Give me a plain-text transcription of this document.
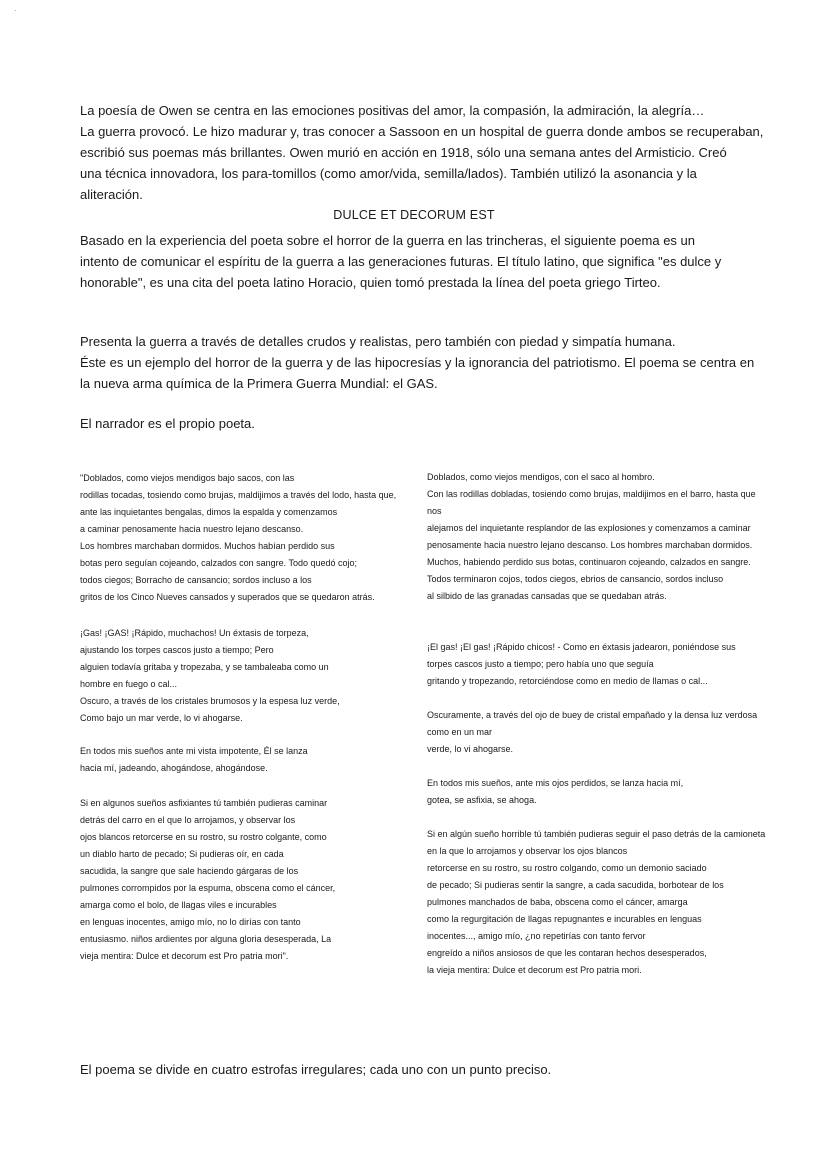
·
La poesía de Owen se centra en las emociones positivas del amor, la compasión, la admiración, la alegría…
La guerra provocó. Le hizo madurar y, tras conocer a Sassoon en un hospital de guerra donde ambos se recuperaban,
escribió sus poemas más brillantes. Owen murió en acción en 1918, sólo una semana antes del Armisticio. Creó
una técnica innovadora, los para-tomillos (como amor/vida, semilla/lados). También utilizó la asonancia y la
aliteración.
DULCE ET DECORUM EST
Basado en la experiencia del poeta sobre el horror de la guerra en las trincheras, el siguiente poema es un
intento de comunicar el espíritu de la guerra a las generaciones futuras. El título latino, que significa "es dulce y
honorable", es una cita del poeta latino Horacio, quien tomó prestada la línea del poeta griego Tirteo.
Presenta la guerra a través de detalles crudos y realistas, pero también con piedad y simpatía humana.
Éste es un ejemplo del horror de la guerra y de las hipocresías y la ignorancia del patriotismo. El poema se centra en
la nueva arma química de la Primera Guerra Mundial: el GAS.
El narrador es el propio poeta.
"Doblados, como viejos mendigos bajo sacos, con las
rodillas tocadas, tosiendo como brujas, maldijimos a través del lodo, hasta que,
ante las inquietantes bengalas, dimos la espalda y comenzamos
a caminar penosamente hacia nuestro lejano descanso.
Los hombres marchaban dormidos. Muchos habían perdido sus
botas pero seguían cojeando, calzados con sangre. Todo quedó cojo;
todos ciegos; Borracho de cansancio; sordos incluso a los
gritos de los Cinco Nueves cansados y superados que se quedaron atrás.
¡Gas! ¡GAS! ¡Rápido, muchachos! Un éxtasis de torpeza,
ajustando los torpes cascos justo a tiempo; Pero
alguien todavía gritaba y tropezaba, y se tambaleaba como un
hombre en fuego o cal...
Oscuro, a través de los cristales brumosos y la espesa luz verde,
Como bajo un mar verde, lo vi ahogarse.
En todos mis sueños ante mi vista impotente, Él se lanza
hacia mí, jadeando, ahogándose, ahogándose.
Si en algunos sueños asfixiantes tú también pudieras caminar
detrás del carro en el que lo arrojamos, y observar los
ojos blancos retorcerse en su rostro, su rostro colgante, como
un diablo harto de pecado; Si pudieras oír, en cada
sacudida, la sangre que sale haciendo gárgaras de los
pulmones corrompidos por la espuma, obscena como el cáncer,
amarga como el bolo, de llagas viles e incurables
en lenguas inocentes, amigo mío, no lo dirías con tanto
entusiasmo. niños ardientes por alguna gloria desesperada, La
vieja mentira: Dulce et decorum est Pro patria mori".
Doblados, como viejos mendigos, con el saco al hombro.
Con las rodillas dobladas, tosiendo como brujas, maldijimos en el barro, hasta que
nos
alejamos del inquietante resplandor de las explosiones y comenzamos a caminar
penosamente hacia nuestro lejano descanso. Los hombres marchaban dormidos.
Muchos, habiendo perdido sus botas, continuaron cojeando, calzados en sangre.
Todos terminaron cojos, todos ciegos, ebrios de cansancio, sordos incluso
al silbido de las granadas cansadas que se quedaban atrás.
¡El gas! ¡El gas! ¡Rápido chicos! - Como en éxtasis jadearon, poniéndose sus
torpes cascos justo a tiempo; pero había uno que seguía
gritando y tropezando, retorciéndose como en medio de llamas o cal...
Oscuramente, a través del ojo de buey de cristal empañado y la densa luz verdosa
como en un mar
verde, lo vi ahogarse.
En todos mis sueños, ante mis ojos perdidos, se lanza hacia mí,
gotea, se asfixia, se ahoga.
Si en algún sueño horrible tú también pudieras seguir el paso detrás de la camioneta
en la que lo arrojamos y observar los ojos blancos
retorcerse en su rostro, su rostro colgando, como un demonio saciado
de pecado; Si pudieras sentir la sangre, a cada sacudida, borbotear de los
pulmones manchados de baba, obscena como el cáncer, amarga
como la regurgitación de llagas repugnantes e incurables en lenguas
inocentes..., amigo mío, ¿no repetirías con tanto fervor
engreído a niños ansiosos de que les contaran hechos desesperados,
la vieja mentira: Dulce et decorum est Pro patria mori.
El poema se divide en cuatro estrofas irregulares; cada uno con un punto preciso.
